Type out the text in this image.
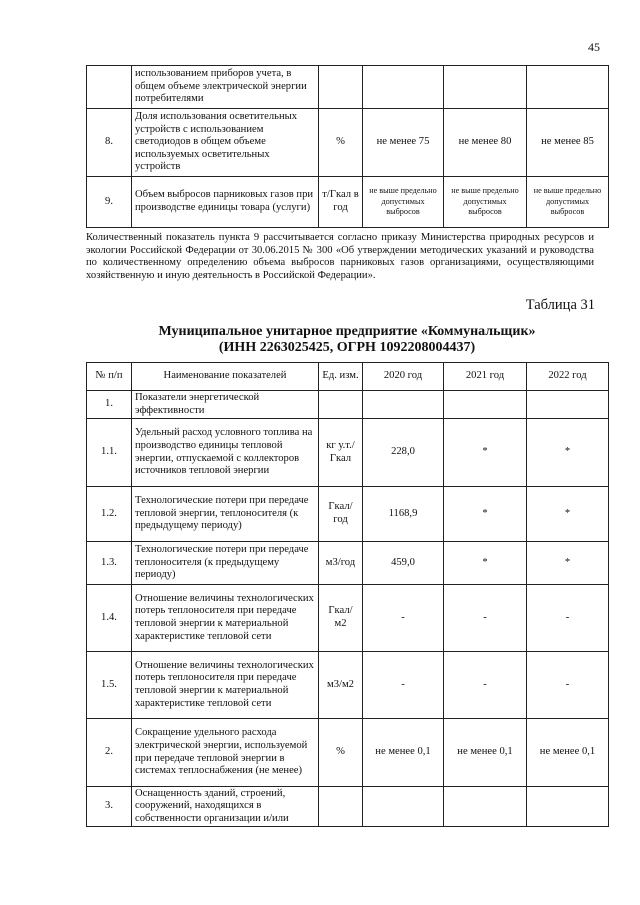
45
	использованием приборов учета, в общем объеме электрической энергии потребителями				
8.	Доля использования осветительных устройств с использованием светодиодов в общем объеме используемых осветительных устройств	%	не менее 75	не менее 80	не менее 85
9.	Объем выбросов парниковых газов при производстве единицы товара (услуги)	т/Гкал в год	не выше предельно допустимых выбросов	не выше предельно допустимых выбросов	не выше предельно допустимых выбросов
Количественный показатель пункта 9 рассчитывается согласно приказу Министерства природных ресурсов и экологии Российской Федерации от 30.06.2015 № 300 «Об утверждении методических указаний и руководства по количественному определению объема выбросов парниковых газов организациями, осуществляющими хозяйственную и иную деятельность в Российской Федерации».
Таблица 31
Муниципальное унитарное предприятие «Коммунальщик»
(ИНН 2263025425, ОГРН 1092208004437)
№ п/п	Наименование показателей	Ед. изм.	2020 год	2021 год	2022 год
1.	Показатели энергетической эффективности				
1.1.	Удельный расход условного топлива на производство единицы тепловой энергии, отпускаемой с коллекторов источников тепловой энергии	кг у.т./ Гкал	228,0	*	*
1.2.	Технологические потери при передаче тепловой энергии, теплоносителя (к предыдущему периоду)	Гкал/ год	1168,9	*	*
1.3.	Технологические потери при передаче теплоносителя (к предыдущему периоду)	м3/год	459,0	*	*
1.4.	Отношение величины технологических потерь теплоносителя при передаче тепловой энергии к материальной характеристике тепловой сети	Гкал/ м2	-	-	-
1.5.	Отношение величины технологических потерь теплоносителя при передаче тепловой энергии к материальной характеристике тепловой сети	м3/м2	-	-	-
2.	Сокращение удельного расхода электрической энергии, используемой при передаче тепловой энергии в системах теплоснабжения (не менее)	%	не менее 0,1	не менее 0,1	не менее 0,1
3.	Оснащенность зданий, строений, сооружений, находящихся в собственности организации и/или				
